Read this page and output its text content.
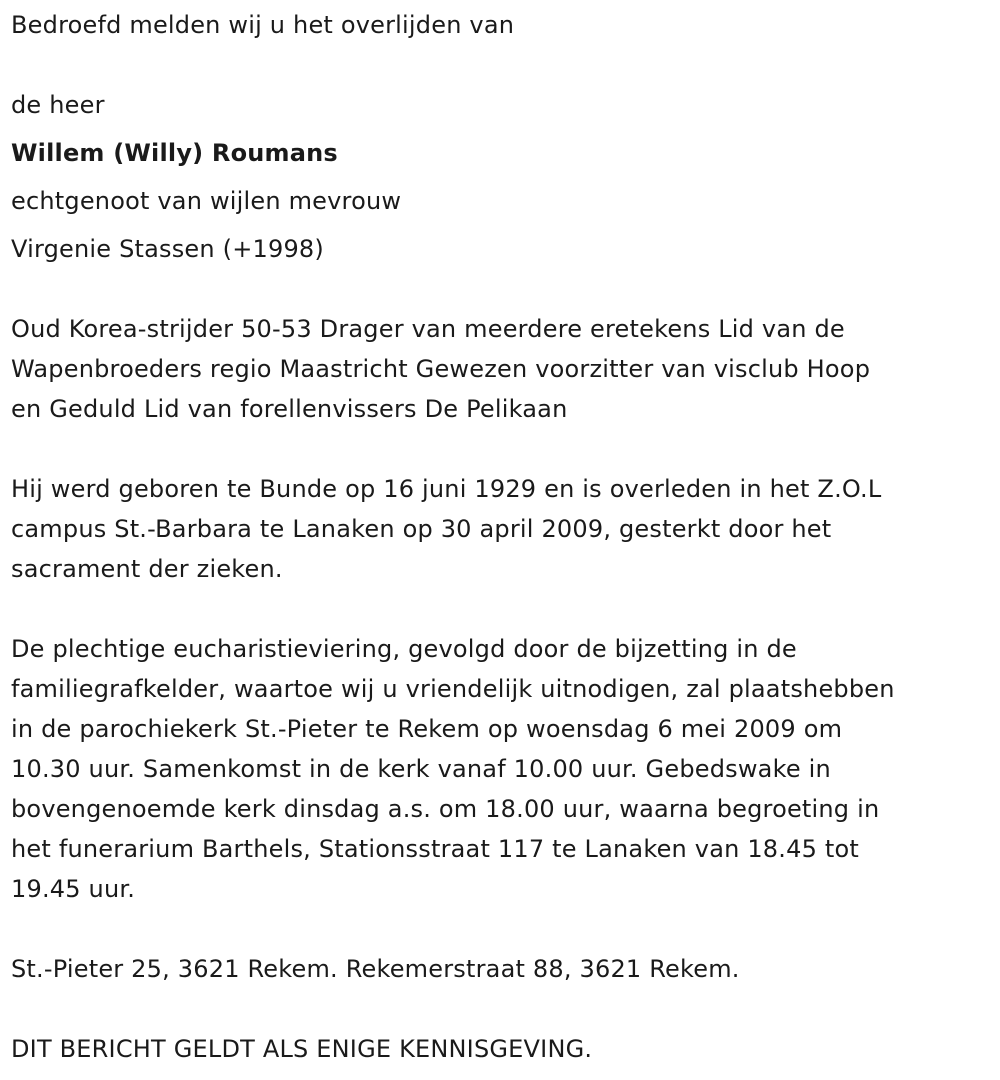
Bedroefd melden wij u het overlijden van

de heer

Willem (Willy) Roumans

echtgenoot van wijlen mevrouw

Virgenie Stassen (+1998)

Oud Korea-strijder 50-53 Drager van meerdere eretekens Lid van de
Wapenbroeders regio Maastricht Gewezen voorzitter van visclub Hoop
en Geduld Lid van forellenvissers De Pelikaan
Hij werd geboren te Bunde op 16 juni 1929 en is overleden in het Z.O.L
campus St.-Barbara te Lanaken op 30 april 2009, gesterkt door het
sacrament der zieken.
De plechtige eucharistieviering, gevolgd door de bijzetting in de
familiegrafkelder, waartoe wij u vriendelijk uitnodigen, zal plaatshebben
in de parochiekerk St.-Pieter te Rekem op woensdag 6 mei 2009 om
10.30 uur. Samenkomst in de kerk vanaf 10.00 uur. Gebedswake in
bovengenoemde kerk dinsdag a.s. om 18.00 uur, waarna begroeting in
het funerarium Barthels, Stationsstraat 117 te Lanaken van 18.45 tot
19.45 uur.

St.-Pieter 25, 3621 Rekem. Rekemerstraat 88, 3621 Rekem.

DIT BERICHT GELDT ALS ENIGE KENNISGEVING.
